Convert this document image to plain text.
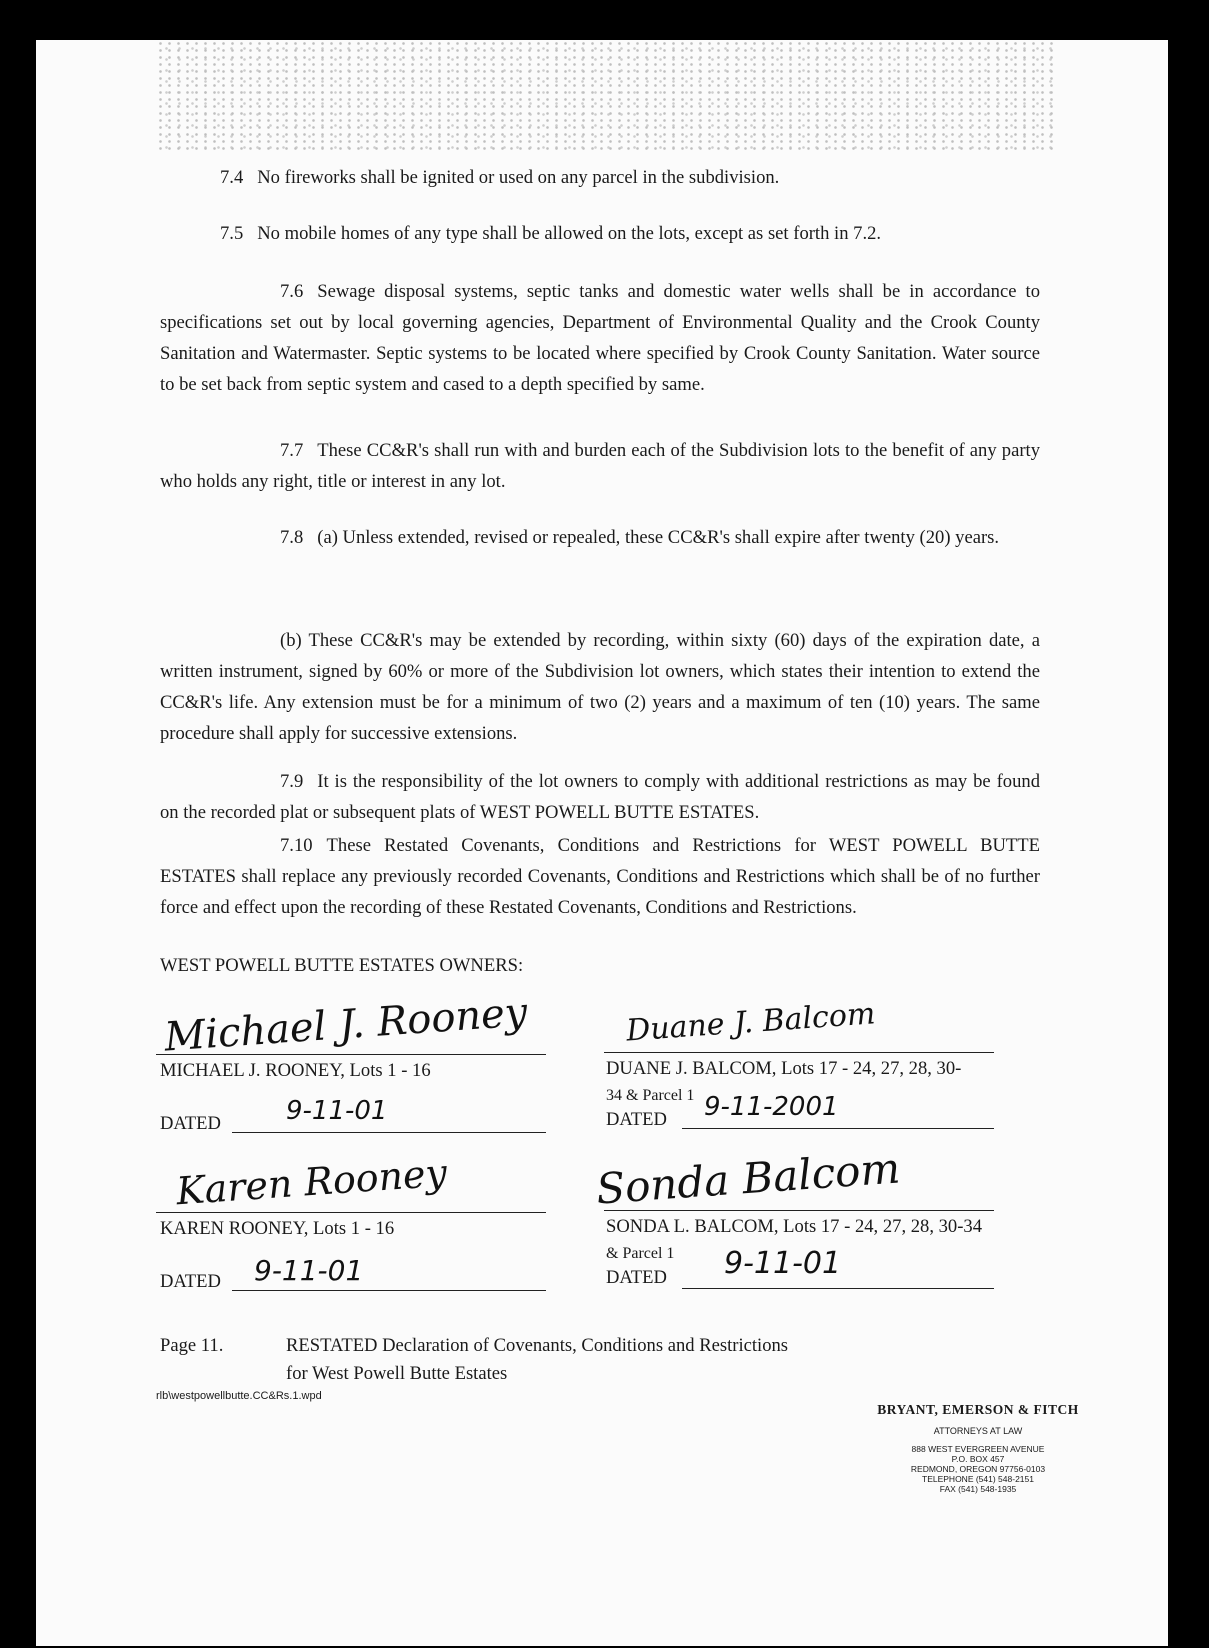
7.4 No fireworks shall be ignited or used on any parcel in the subdivision.
7.5 No mobile homes of any type shall be allowed on the lots, except as set forth in 7.2.
7.6 Sewage disposal systems, septic tanks and domestic water wells shall be in accordance to specifications set out by local governing agencies, Department of Environmental Quality and the Crook County Sanitation and Watermaster. Septic systems to be located where specified by Crook County Sanitation. Water source to be set back from septic system and cased to a depth specified by same.
7.7 These CC&R's shall run with and burden each of the Subdivision lots to the benefit of any party who holds any right, title or interest in any lot.
7.8 (a) Unless extended, revised or repealed, these CC&R's shall expire after twenty (20) years.
(b) These CC&R's may be extended by recording, within sixty (60) days of the expiration date, a written instrument, signed by 60% or more of the Subdivision lot owners, which states their intention to extend the CC&R's life. Any extension must be for a minimum of two (2) years and a maximum of ten (10) years. The same procedure shall apply for successive extensions.
7.9 It is the responsibility of the lot owners to comply with additional restrictions as may be found on the recorded plat or subsequent plats of WEST POWELL BUTTE ESTATES.
7.10 These Restated Covenants, Conditions and Restrictions for WEST POWELL BUTTE ESTATES shall replace any previously recorded Covenants, Conditions and Restrictions which shall be of no further force and effect upon the recording of these Restated Covenants, Conditions and Restrictions.
WEST POWELL BUTTE ESTATES OWNERS:
Michael J. Rooney
MICHAEL J. ROONEY, Lots 1 - 16
DATED	9-11-01
Duane J. Balcom
DUANE J. BALCOM, Lots 17 - 24, 27, 28, 30-
34 & Parcel 1
DATED 9-11-2001
Karen Rooney
KAREN ROONEY, Lots 1 - 16
DATED 9-11-01
Sonda Balcom
SONDA L. BALCOM, Lots 17 - 24, 27, 28, 30-34
& Parcel 1
DATED 9-11-01
Page 11.	RESTATED Declaration of Covenants, Conditions and Restrictions
for West Powell Butte Estates
rlb\westpowellbutte.CC&Rs.1.wpd
BRYANT, EMERSON & FITCH
ATTORNEYS AT LAW
888 WEST EVERGREEN AVENUE
P.O. BOX 457
REDMOND, OREGON 97756-0103
TELEPHONE (541) 548-2151
FAX (541) 548-1935
